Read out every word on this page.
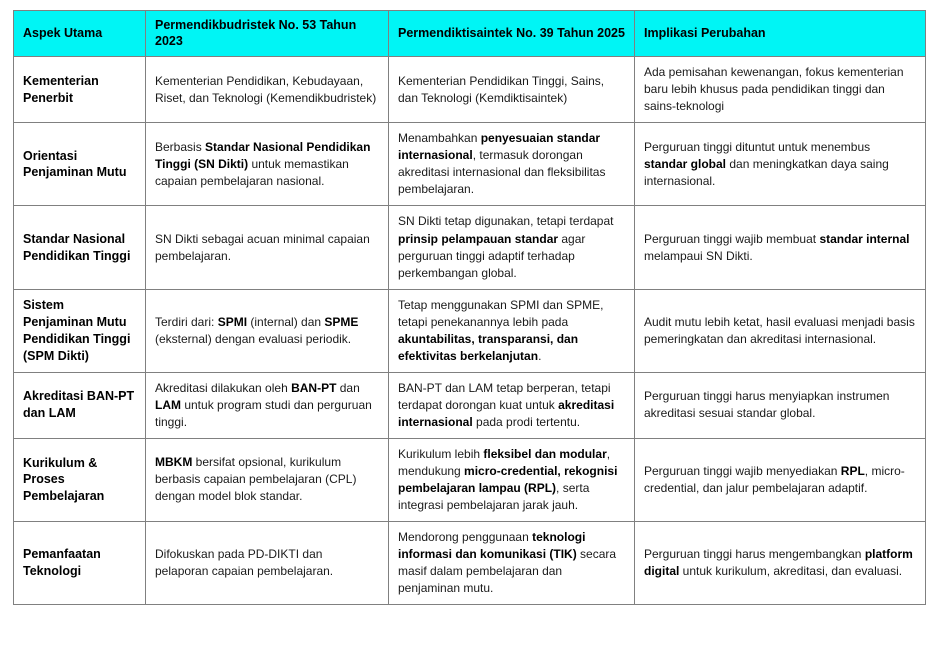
Aspek Utama	Permendikbudristek No. 53 Tahun 2023	Permendiktisaintek No. 39 Tahun 2025	Implikasi Perubahan
Kementerian Penerbit	Kementerian Pendidikan, Kebudayaan, Riset, dan Teknologi (Kemendikbudristek)	Kementerian Pendidikan Tinggi, Sains, dan Teknologi (Kemdiktisaintek)	Ada pemisahan kewenangan, fokus kementerian baru lebih khusus pada pendidikan tinggi dan sains-teknologi
Orientasi Penjaminan Mutu	Berbasis Standar Nasional Pendidikan Tinggi (SN Dikti) untuk memastikan capaian pembelajaran nasional.	Menambahkan penyesuaian standar internasional, termasuk dorongan akreditasi internasional dan fleksibilitas pembelajaran.	Perguruan tinggi dituntut untuk menembus standar global dan meningkatkan daya saing internasional.
Standar Nasional Pendidikan Tinggi	SN Dikti sebagai acuan minimal capaian pembelajaran.	SN Dikti tetap digunakan, tetapi terdapat prinsip pelampauan standar agar perguruan tinggi adaptif terhadap perkembangan global.	Perguruan tinggi wajib membuat standar internal melampaui SN Dikti.
Sistem Penjaminan Mutu Pendidikan Tinggi (SPM Dikti)	Terdiri dari: SPMI (internal) dan SPME (eksternal) dengan evaluasi periodik.	Tetap menggunakan SPMI dan SPME, tetapi penekanannya lebih pada akuntabilitas, transparansi, dan efektivitas berkelanjutan.	Audit mutu lebih ketat, hasil evaluasi menjadi basis pemeringkatan dan akreditasi internasional.
Akreditasi BAN-PT dan LAM	Akreditasi dilakukan oleh BAN-PT dan LAM untuk program studi dan perguruan tinggi.	BAN-PT dan LAM tetap berperan, tetapi terdapat dorongan kuat untuk akreditasi internasional pada prodi tertentu.	Perguruan tinggi harus menyiapkan instrumen akreditasi sesuai standar global.
Kurikulum & Proses Pembelajaran	MBKM bersifat opsional, kurikulum berbasis capaian pembelajaran (CPL) dengan model blok standar.	Kurikulum lebih fleksibel dan modular, mendukung micro-credential, rekognisi pembelajaran lampau (RPL), serta integrasi pembelajaran jarak jauh.	Perguruan tinggi wajib menyediakan RPL, micro-credential, dan jalur pembelajaran adaptif.
Pemanfaatan Teknologi	Difokuskan pada PD-DIKTI dan pelaporan capaian pembelajaran.	Mendorong penggunaan teknologi informasi dan komunikasi (TIK) secara masif dalam pembelajaran dan penjaminan mutu.	Perguruan tinggi harus mengembangkan platform digital untuk kurikulum, akreditasi, dan evaluasi.
